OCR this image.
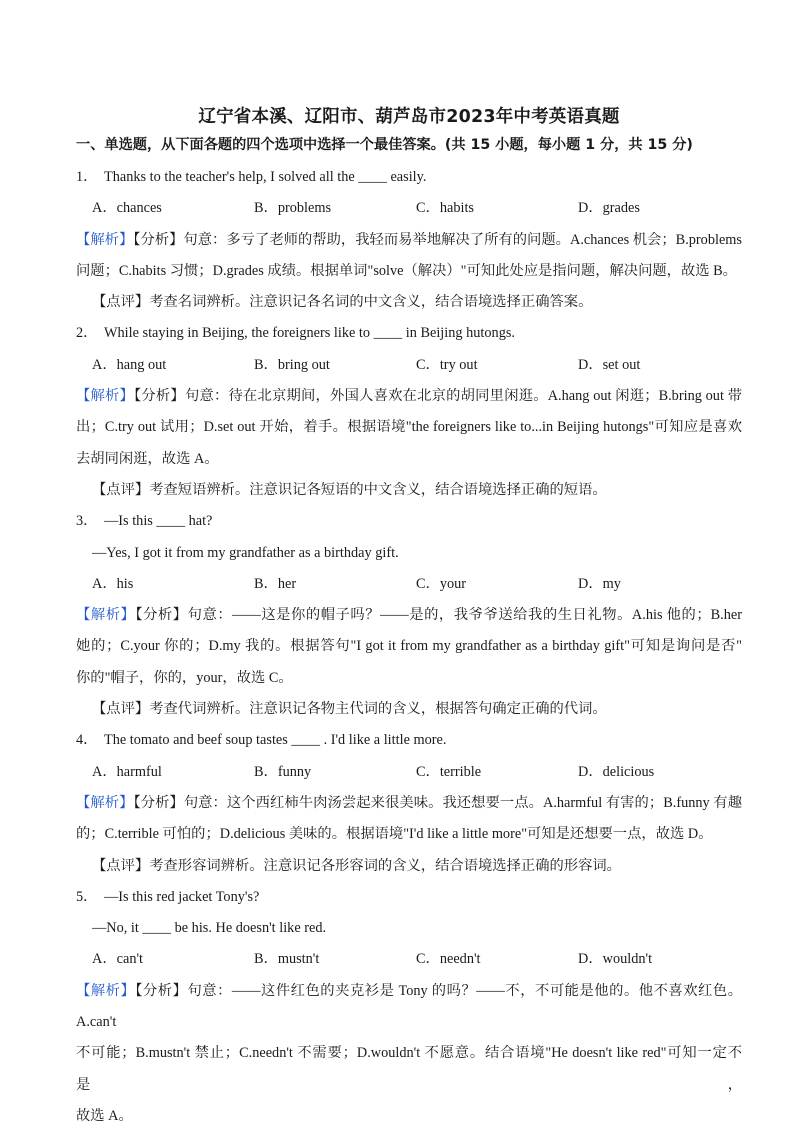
辽宁省本溪、辽阳市、葫芦岛市2023年中考英语真题
一、单选题，从下面各题的四个选项中选择一个最佳答案。(共 15 小题，每小题 1 分，共 15 分)
1． Thanks to the teacher's help, I solved all the ____ easily.
A．chances	B．problems	C．habits	D．grades
【解析】【分析】句意：多亏了老师的帮助，我轻而易举地解决了所有的问题。A.chances 机会；B.problems
问题；C.habits 习惯；D.grades 成绩。根据单词"solve（解决）"可知此处应是指问题，解决问题，故选 B。
【点评】考查名词辨析。注意识记各名词的中文含义，结合语境选择正确答案。
2． While staying in Beijing, the foreigners like to ____ in Beijing hutongs.
A．hang out	B．bring out	C．try out	D．set out
【解析】【分析】句意：待在北京期间，外国人喜欢在北京的胡同里闲逛。A.hang out 闲逛；B.bring out 带
出；C.try out 试用；D.set out 开始，着手。根据语境"the foreigners like to...in Beijing hutongs"可知应是喜欢
去胡同闲逛，故选 A。
【点评】考查短语辨析。注意识记各短语的中文含义，结合语境选择正确的短语。
3． —Is this ____ hat?
—Yes, I got it from my grandfather as a birthday gift.
A．his	B．her	C．your	D．my
【解析】【分析】句意：——这是你的帽子吗？——是的，我爷爷送给我的生日礼物。A.his 他的；B.her
她的；C.your 你的；D.my 我的。根据答句"I got it from my grandfather as a birthday gift"可知是询问是否"
你的"帽子，你的，your，故选 C。
【点评】考查代词辨析。注意识记各物主代词的含义，根据答句确定正确的代词。
4． The tomato and beef soup tastes ____ . I'd like a little more.
A．harmful	B．funny	C．terrible	D．delicious
【解析】【分析】句意：这个西红柿牛肉汤尝起来很美味。我还想要一点。A.harmful 有害的；B.funny 有趣
的；C.terrible 可怕的；D.delicious 美味的。根据语境"I'd like a little more"可知是还想要一点，故选 D。
【点评】考查形容词辨析。注意识记各形容词的含义，结合语境选择正确的形容词。
5． —Is this red jacket Tony's?
—No, it ____ be his. He doesn't like red.
A．can't	B．mustn't	C．needn't	D．wouldn't
【解析】【分析】句意：——这件红色的夹克衫是 Tony 的吗？——不，不可能是他的。他不喜欢红色。A.can't
不可能；B.mustn't 禁止；C.needn't 不需要；D.wouldn't 不愿意。结合语境"He doesn't like red"可知一定不是，
故选 A。
